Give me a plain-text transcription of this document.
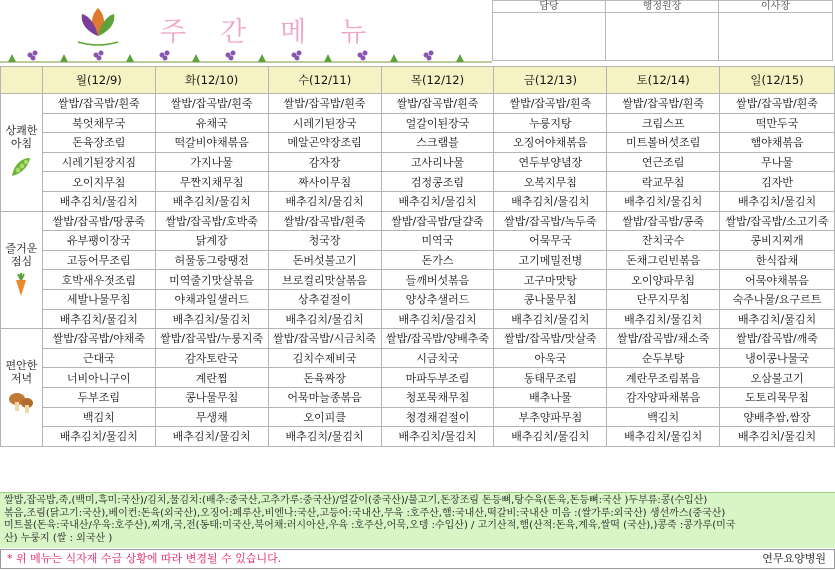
주간메뉴
담당	행정원장	이사장

	월(12/9)	화(12/10)	수(12/11)	목(12/12)	금(12/13)	토(12/14)	일(12/15)

상쾌한
아침	쌀밥/잡곡밥/흰죽	쌀밥/잡곡밥/흰죽	쌀밥/잡곡밥/흰죽	쌀밥/잡곡밥/흰죽	쌀밥/잡곡밥/흰죽	쌀밥/잡곡밥/흰죽	쌀밥/잡곡밥/흰죽
	북엇채무국	유채국	시레기된장국	얼갈이된장국	누룽지탕	크림스프	떡만두국
	돈육장조림	떡갈비야채볶음	메알곤약장조림	스크램블	오징어야채볶음	미트볼버섯조림	햄야채볶음
	시레기된장지짐	가지나물	감자장	고사리나물	연두부양념장	연근조림	무나물
	오이지무침	무짠지채무침	짜사이무침	검정콩조림	오복지무침	락교무침	김자반
	배추김치/물김치	배추김치/물김치	배추김치/물김치	배추김치/물김치	배추김치/물김치	배추김치/물김치	배추김치/물김치

즐거운
점심	쌀밥/잡곡밥/땅콩죽	쌀밥/잡곡밥/호박죽	쌀밥/잡곡밥/흰죽	쌀밥/잡곡밥/달걀죽	쌀밥/잡곡밥/녹두죽	쌀밥/잡곡밥/콩죽	쌀밥/잡곡밥/소고기죽
	유부팽이장국	닭계장	청국장	미역국	어묵무국	잔치국수	콩비지찌개
	고등어무조림	허물동그랑땡전	돈버섯불고기	돈가스	고기메밀전병	돈채그린빈볶음	한식잡채
	호박새우젓조림	미역줄기맛살볶음	브로컬리맛살볶음	들깨버섯볶음	고구마맛탕	오이양파무침	어묵야채볶음
	세발나물무침	야채과일샐러드	상추겉절이	양상추샐러드	콩나물무침	단무지무침	숙주나물/요구르트
	배추김치/물김치	배추김치/물김치	배추김치/물김치	배추김치/물김치	배추김치/물김치	배추김치/물김치	배추김치/물김치

편안한
저녁	쌀밥/잡곡밥/야채죽	쌀밥/잡곡밥/누룽지죽	쌀밥/잡곡밥/시금치죽	쌀밥/잡곡밥/양배추죽	쌀밥/잡곡밥/맛살죽	쌀밥/잡곡밥/채소죽	쌀밥/잡곡밥/깨죽
	근대국	감자토란국	김치수제비국	시금치국	아욱국	순두부탕	냉이콩나물국
	너비아니구이	계란찜	돈육짜장	마파두부조림	동태무조림	계란무조림볶음	오삼불고기
	두부조림	콩나물무침	어묵마늘종볶음	청포묵채무침	배추나물	감자양파채볶음	도토리묵무침
	백김치	무생채	오이피클	청경채겉절이	부추양파무침	백김치	양배추쌈,쌈장
	배추김치/물김치	배추김치/물김치	배추김치/물김치	배추김치/물김치	배추김치/물김치	배추김치/물김치	배추김치/물김치
쌀밥,잡곡밥,죽,(백미,흑미:국산)/김치,물김치:(배추:중국산,고추가루:중국산)/얼갈이(중국산)/불고기,돈장조림 돈등뼈,탕수육(돈육,돈등뼈:국산 )두부류:콩(수입산)
볶음,조림(닭고기:국산),베이컨:돈육(외국산),오징어:페루산,비엔나:국산,고등어:국내산,무육 :호주산,햄:국내산,떡갈비:국내산 미음 :(쌀가루:외국산) 생선까스(중국산)
미트볼(돈육:국내산/우육:호주산),찌개,국,전(동태:미국산,북어채:러시아산,우육 :호주산,어묵,오뎅 :수입산) / 고기산적,햄(산적:돈육,계육,쌀떡 (국산),)콩죽 :콩가루(미국
산) 누룽지 (쌀 : 외국산 )
* 위 메뉴는 식자재 수급 상황에 따라 변경될 수 있습니다.	연무요양병원
